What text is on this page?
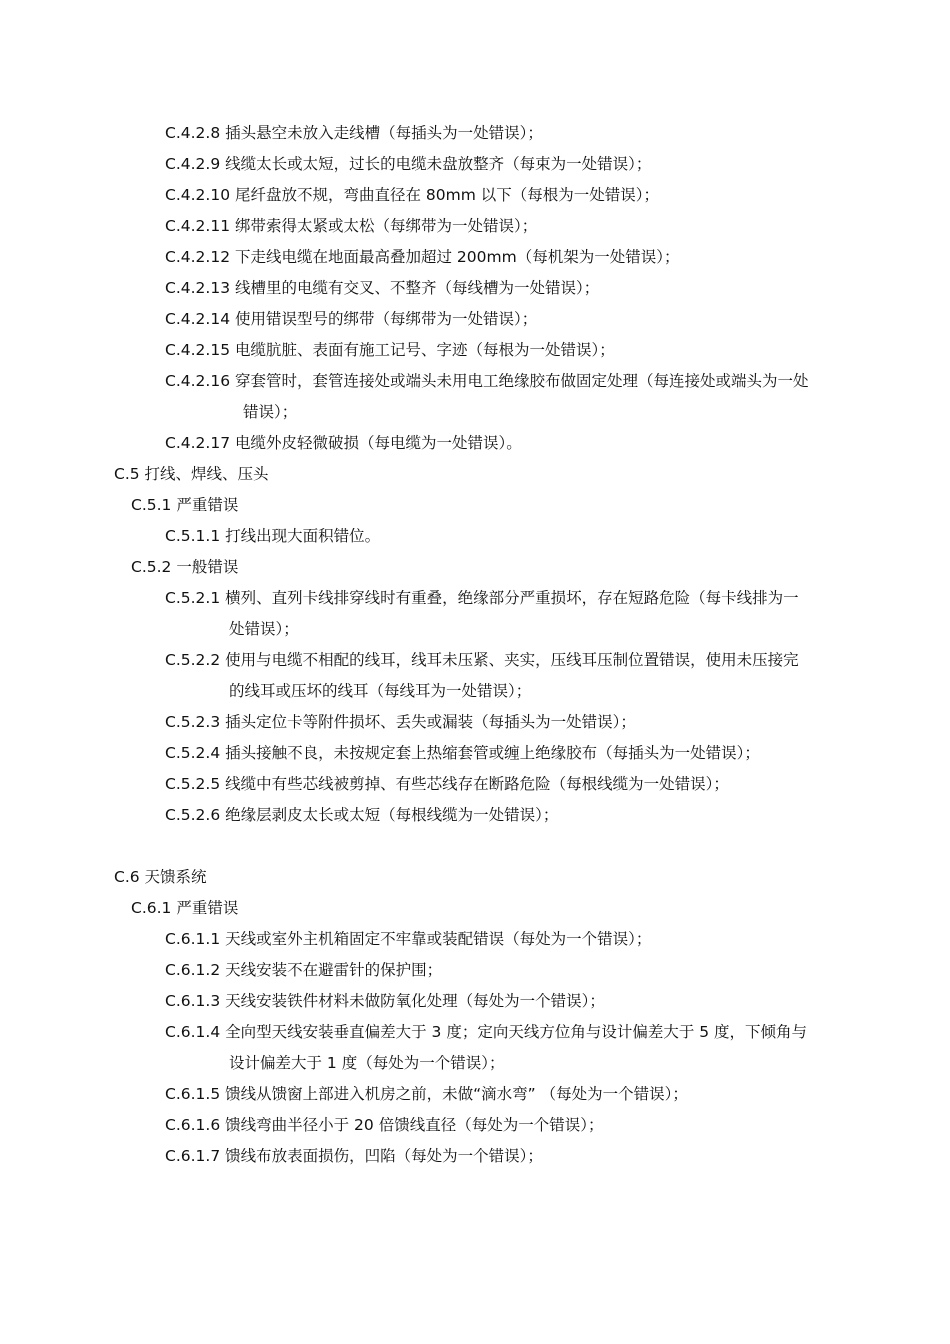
C.4.2.8 插头悬空未放入走线槽（每插头为一处错误）；
C.4.2.9 线缆太长或太短，过长的电缆未盘放整齐（每束为一处错误）；
C.4.2.10 尾纤盘放不规，弯曲直径在 80mm 以下（每根为一处错误）；
C.4.2.11 绑带索得太紧或太松（每绑带为一处错误）；
C.4.2.12 下走线电缆在地面最高叠加超过 200mm（每机架为一处错误）；
C.4.2.13 线槽里的电缆有交叉、不整齐（每线槽为一处错误）；
C.4.2.14 使用错误型号的绑带（每绑带为一处错误）；
C.4.2.15 电缆肮脏、表面有施工记号、字迹（每根为一处错误）；
C.4.2.16 穿套管时，套管连接处或端头未用电工绝缘胶布做固定处理（每连接处或端头为一处
错误）；
C.4.2.17 电缆外皮轻微破损（每电缆为一处错误）。
C.5 打线、焊线、压头
C.5.1 严重错误
C.5.1.1 打线出现大面积错位。
C.5.2 一般错误
C.5.2.1 横列、直列卡线排穿线时有重叠，绝缘部分严重损坏，存在短路危险（每卡线排为一
处错误）；
C.5.2.2 使用与电缆不相配的线耳，线耳未压紧、夹实，压线耳压制位置错误，使用未压接完
的线耳或压坏的线耳（每线耳为一处错误）；
C.5.2.3 插头定位卡等附件损坏、丢失或漏装（每插头为一处错误）；
C.5.2.4 插头接触不良，未按规定套上热缩套管或缠上绝缘胶布（每插头为一处错误）；
C.5.2.5 线缆中有些芯线被剪掉、有些芯线存在断路危险（每根线缆为一处错误）；
C.5.2.6 绝缘层剥皮太长或太短（每根线缆为一处错误）；
C.6 天馈系统
C.6.1 严重错误
C.6.1.1 天线或室外主机箱固定不牢靠或装配错误（每处为一个错误）；
C.6.1.2 天线安装不在避雷针的保护围；
C.6.1.3 天线安装铁件材料未做防氧化处理（每处为一个错误）；
C.6.1.4 全向型天线安装垂直偏差大于 3 度；定向天线方位角与设计偏差大于 5 度，下倾角与
设计偏差大于 1 度（每处为一个错误）；
C.6.1.5 馈线从馈窗上部进入机房之前，未做“滴水弯” （每处为一个错误）；
C.6.1.6 馈线弯曲半径小于 20 倍馈线直径（每处为一个错误）；
C.6.1.7 馈线布放表面损伤，凹陷（每处为一个错误）；
